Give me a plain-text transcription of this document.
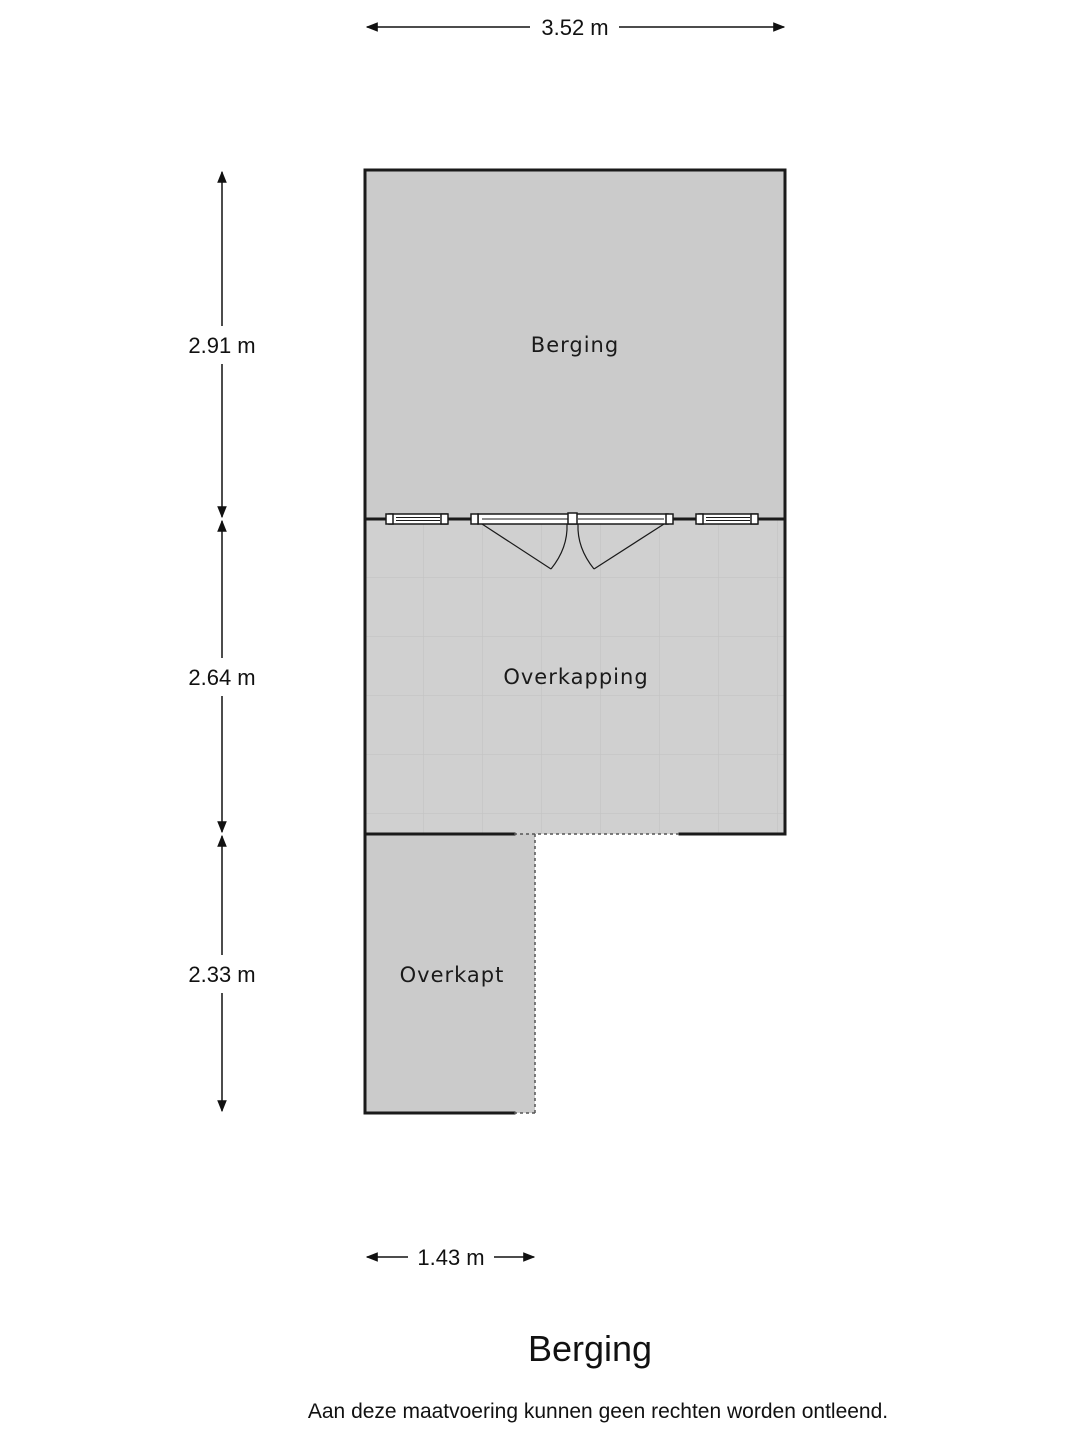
Berging
Overkapping
Overkapt
3.52 m
2.91 m
2.64 m
2.33 m
1.43 m
Berging

Aan deze maatvoering kunnen geen rechten worden ontleend.
